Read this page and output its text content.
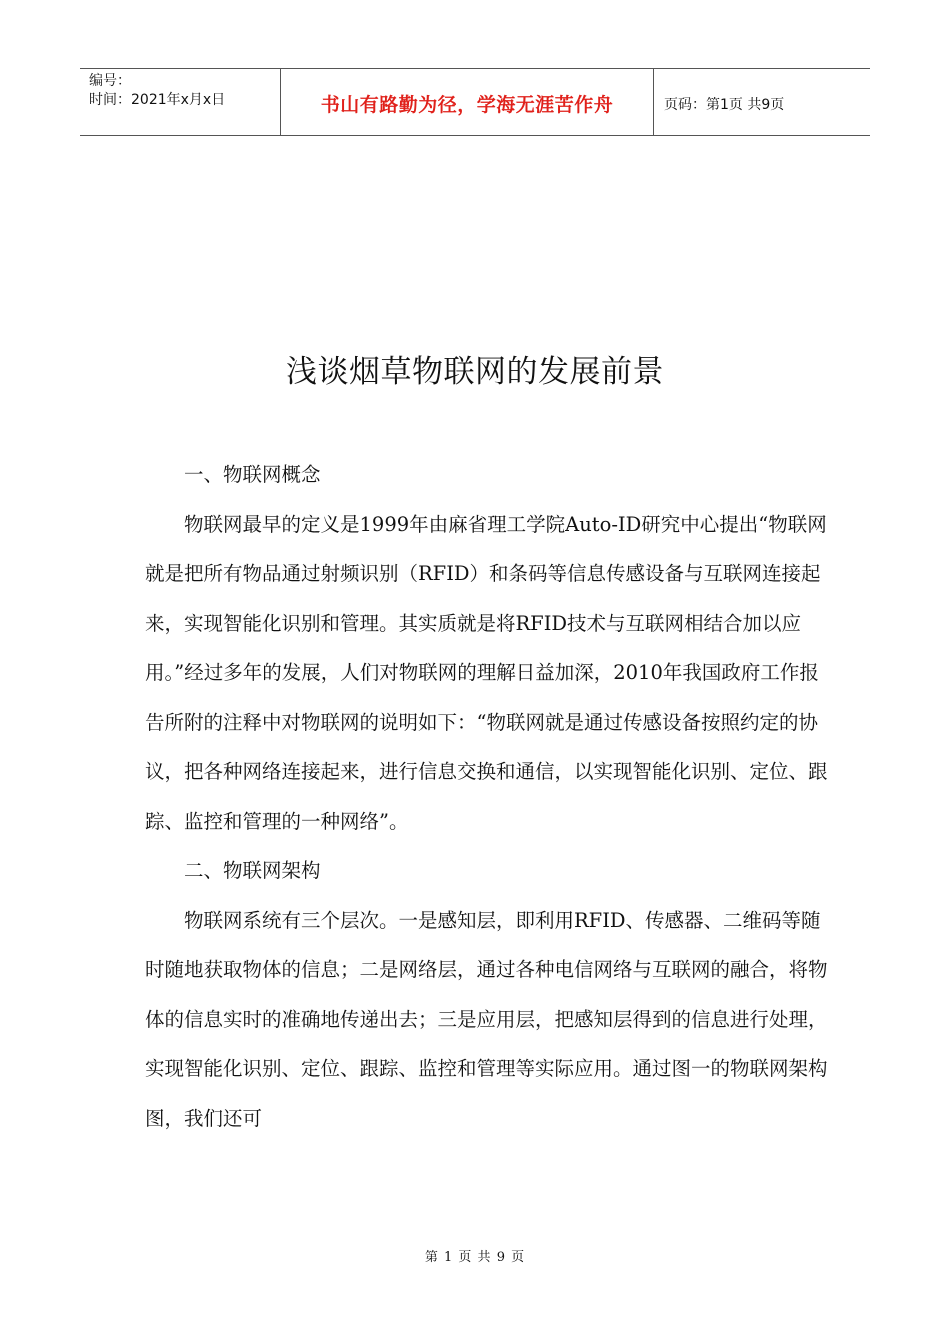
编号：
时间：2021年x月x日	书山有路勤为径，学海无涯苦作舟	页码：第1页 共9页
浅谈烟草物联网的发展前景
一、物联网概念

物联网最早的定义是1999年由麻省理工学院Auto-ID研究中心提出“物联网就是把所有物品通过射频识别（RFID）和条码等信息传感设备与互联网连接起来，实现智能化识别和管理。其实质就是将RFID技术与互联网相结合加以应用。”经过多年的发展，人们对物联网的理解日益加深，2010年我国政府工作报告所附的注释中对物联网的说明如下：“物联网就是通过传感设备按照约定的协议，把各种网络连接起来，进行信息交换和通信，以实现智能化识别、定位、跟踪、监控和管理的一种网络”。

二、物联网架构

物联网系统有三个层次。一是感知层，即利用RFID、传感器、二维码等随时随地获取物体的信息；二是网络层，通过各种电信网络与互联网的融合，将物体的信息实时的准确地传递出去；三是应用层，把感知层得到的信息进行处理，实现智能化识别、定位、跟踪、监控和管理等实际应用。通过图一的物联网架构图，我们还可

第 1 页 共 9 页
